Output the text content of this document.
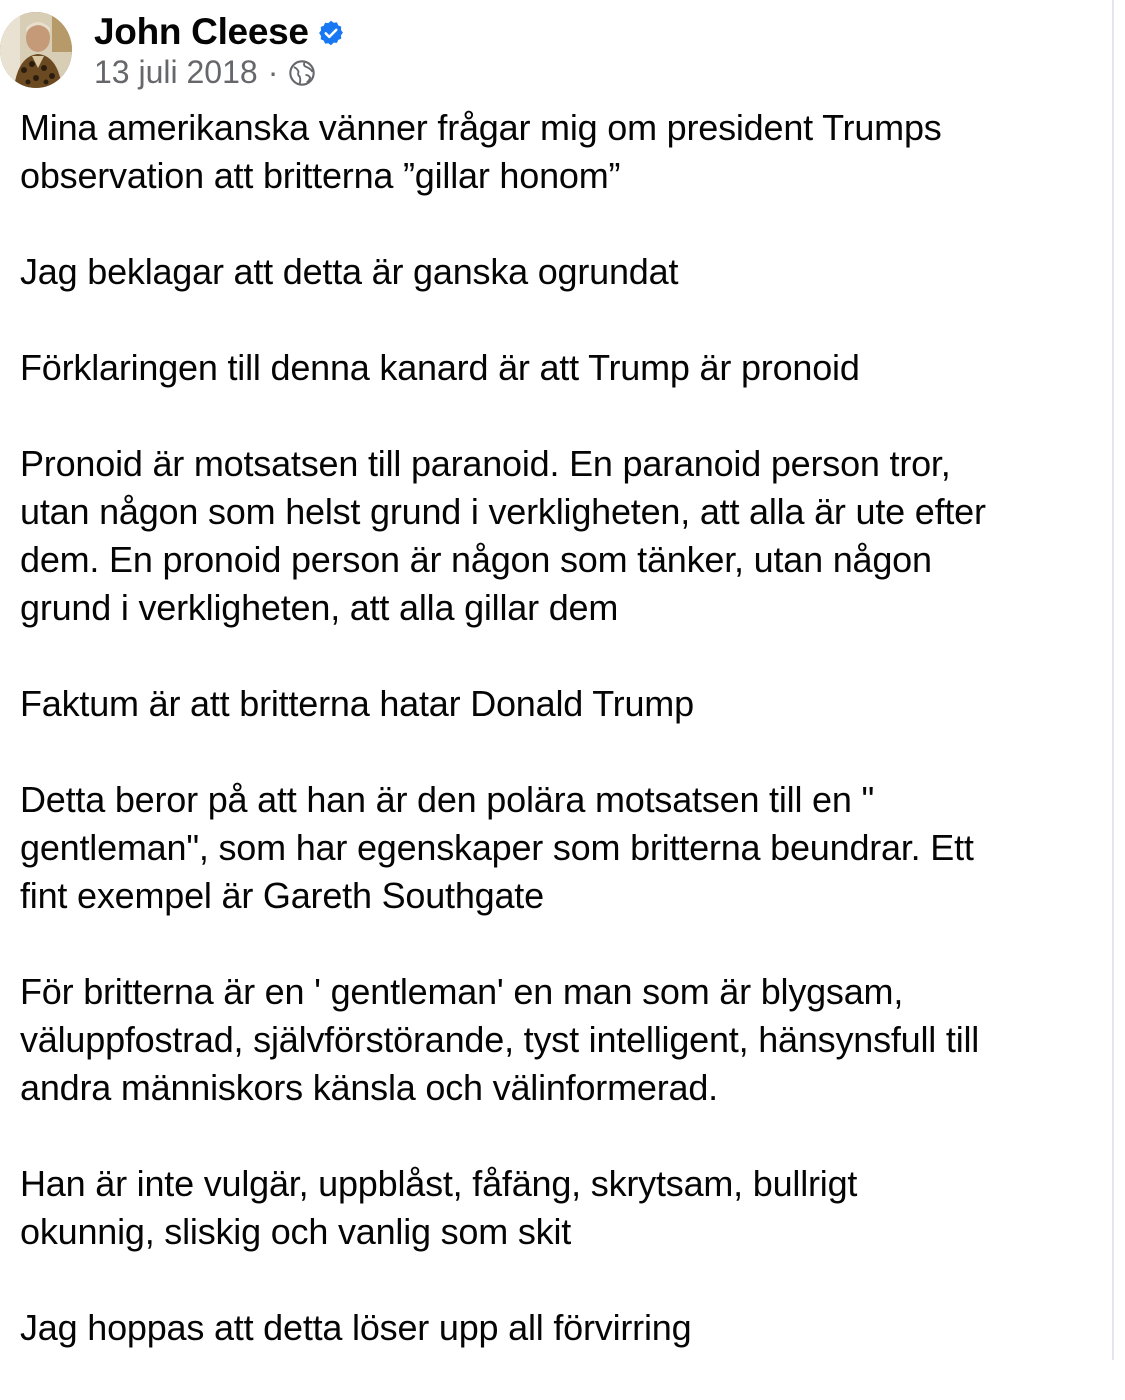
John Cleese
13 juli 2018 ·

Mina amerikanska vänner frågar mig om president Trumps
observation att britterna ”gillar honom”

Jag beklagar att detta är ganska ogrundat

Förklaringen till denna kanard är att Trump är pronoid

Pronoid är motsatsen till paranoid. En paranoid person tror,
utan någon som helst grund i verkligheten, att alla är ute efter
dem. En pronoid person är någon som tänker, utan någon
grund i verkligheten, att alla gillar dem

Faktum är att britterna hatar Donald Trump

Detta beror på att han är den polära motsatsen till en "
gentleman", som har egenskaper som britterna beundrar. Ett
fint exempel är Gareth Southgate

För britterna är en ' gentleman' en man som är blygsam,
väluppfostrad, självförstörande, tyst intelligent, hänsynsfull till
andra människors känsla och välinformerad.

Han är inte vulgär, uppblåst, fåfäng, skrytsam, bullrigt
okunnig, sliskig och vanlig som skit

Jag hoppas att detta löser upp all förvirring
